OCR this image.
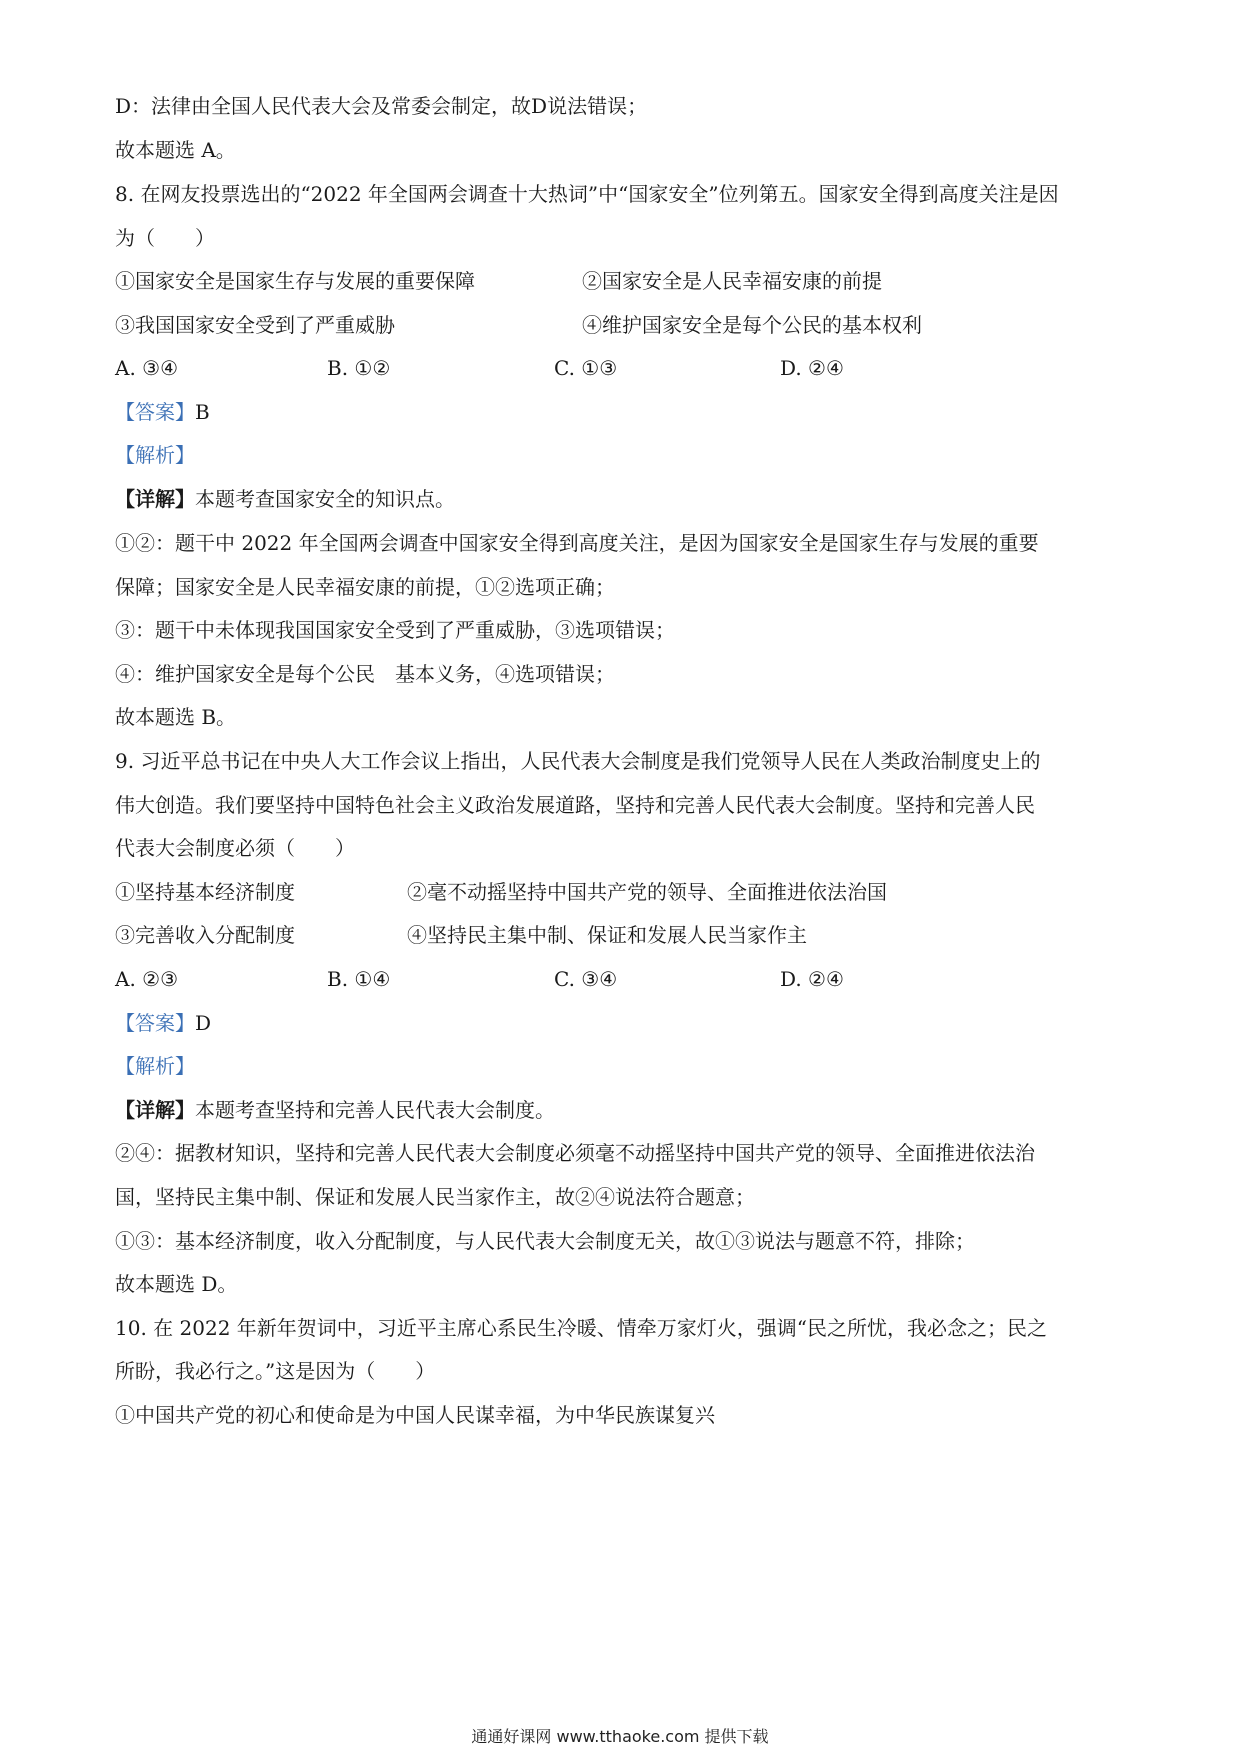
D：法律由全国人民代表大会及常委会制定，故D说法错误；
故本题选 A。
8. 在网友投票选出的“2022 年全国两会调查十大热词”中“国家安全”位列第五。国家安全得到高度关注是因
为（　　）
①国家安全是国家生存与发展的重要保障	②国家安全是人民幸福安康的前提
③我国国家安全受到了严重威胁	④维护国家安全是每个公民的基本权利
A. ③④	B. ①②	C. ①③	D. ②④
【答案】B
【解析】
【详解】本题考查国家安全的知识点。
①②：题干中 2022 年全国两会调查中国家安全得到高度关注，是因为国家安全是国家生存与发展的重要
保障；国家安全是人民幸福安康的前提，①②选项正确；
③：题干中未体现我国国家安全受到了严重威胁，③选项错误；
④：维护国家安全是每个公民　基本义务，④选项错误；
故本题选 B。
9. 习近平总书记在中央人大工作会议上指出，人民代表大会制度是我们党领导人民在人类政治制度史上的
伟大创造。我们要坚持中国特色社会主义政治发展道路，坚持和完善人民代表大会制度。坚持和完善人民
代表大会制度必须（　　）
①坚持基本经济制度	②毫不动摇坚持中国共产党的领导、全面推进依法治国
③完善收入分配制度	④坚持民主集中制、保证和发展人民当家作主
A. ②③	B. ①④	C. ③④	D. ②④
【答案】D
【解析】
【详解】本题考查坚持和完善人民代表大会制度。
②④：据教材知识，坚持和完善人民代表大会制度必须毫不动摇坚持中国共产党的领导、全面推进依法治
国，坚持民主集中制、保证和发展人民当家作主，故②④说法符合题意；
①③：基本经济制度，收入分配制度，与人民代表大会制度无关，故①③说法与题意不符，排除；
故本题选 D。
10. 在 2022 年新年贺词中，习近平主席心系民生冷暖、情牵万家灯火，强调“民之所忧，我必念之；民之
所盼，我必行之。”这是因为（　　）
①中国共产党的初心和使命是为中国人民谋幸福，为中华民族谋复兴
通通好课网 www.tthaoke.com 提供下载
